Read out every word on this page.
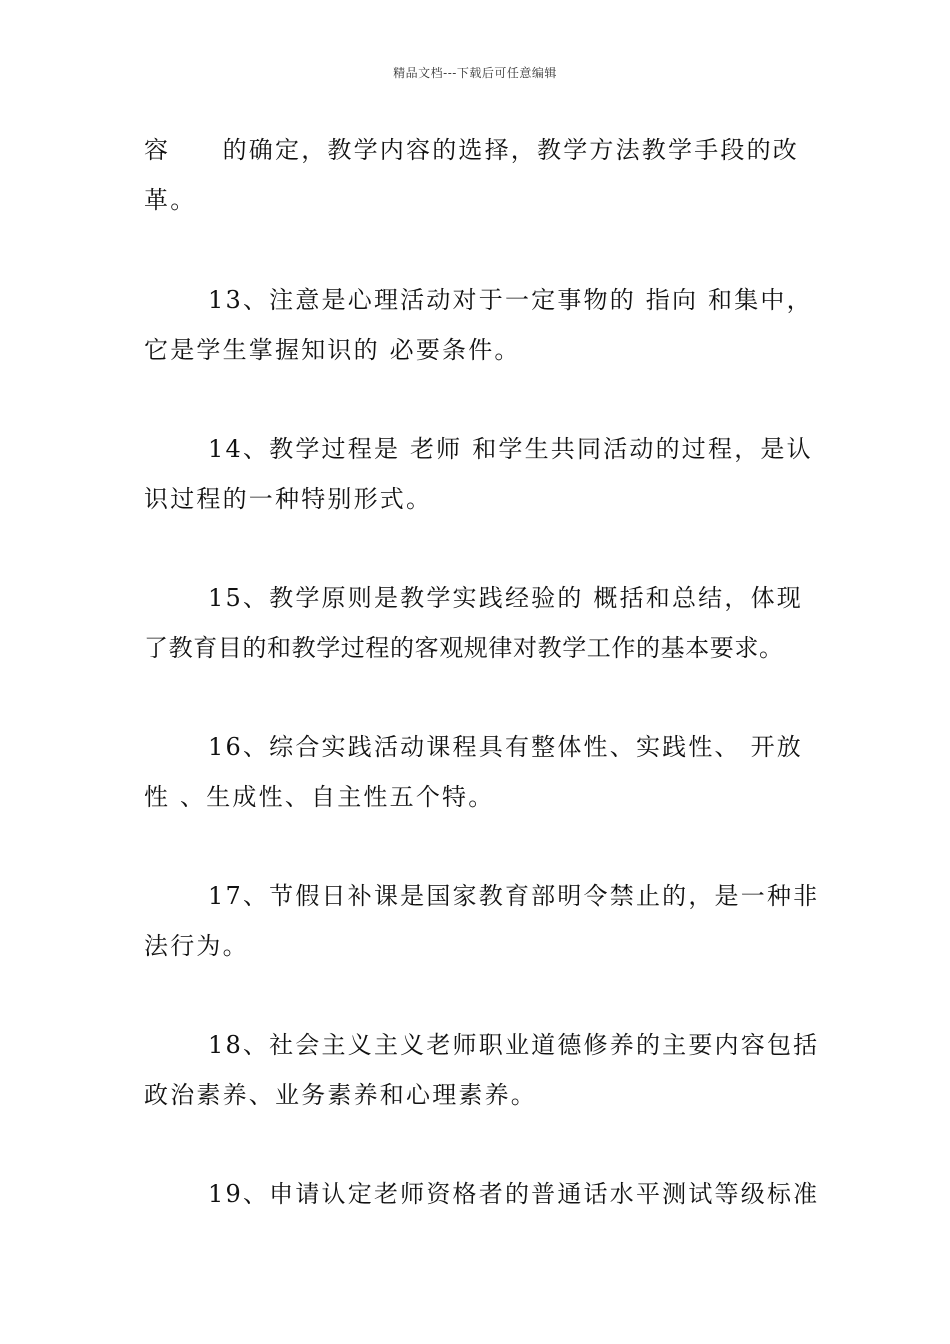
精品文档---下载后可任意编辑
容　　的确定，教学内容的选择，教学方法教学手段的改
革。
13、注意是心理活动对于一定事物的 指向 和集中，
它是学生掌握知识的 必要条件。
14、教学过程是 老师 和学生共同活动的过程，是认
识过程的一种特别形式。
15、教学原则是教学实践经验的 概括和总结，体现
了教育目的和教学过程的客观规律对教学工作的基本要求。
16、综合实践活动课程具有整体性、实践性、 开放
性 、生成性、自主性五个特。
17、节假日补课是国家教育部明令禁止的，是一种非
法行为。
18、社会主义主义老师职业道德修养的主要内容包括
政治素养、业务素养和心理素养。
19、申请认定老师资格者的普通话水平测试等级标准
